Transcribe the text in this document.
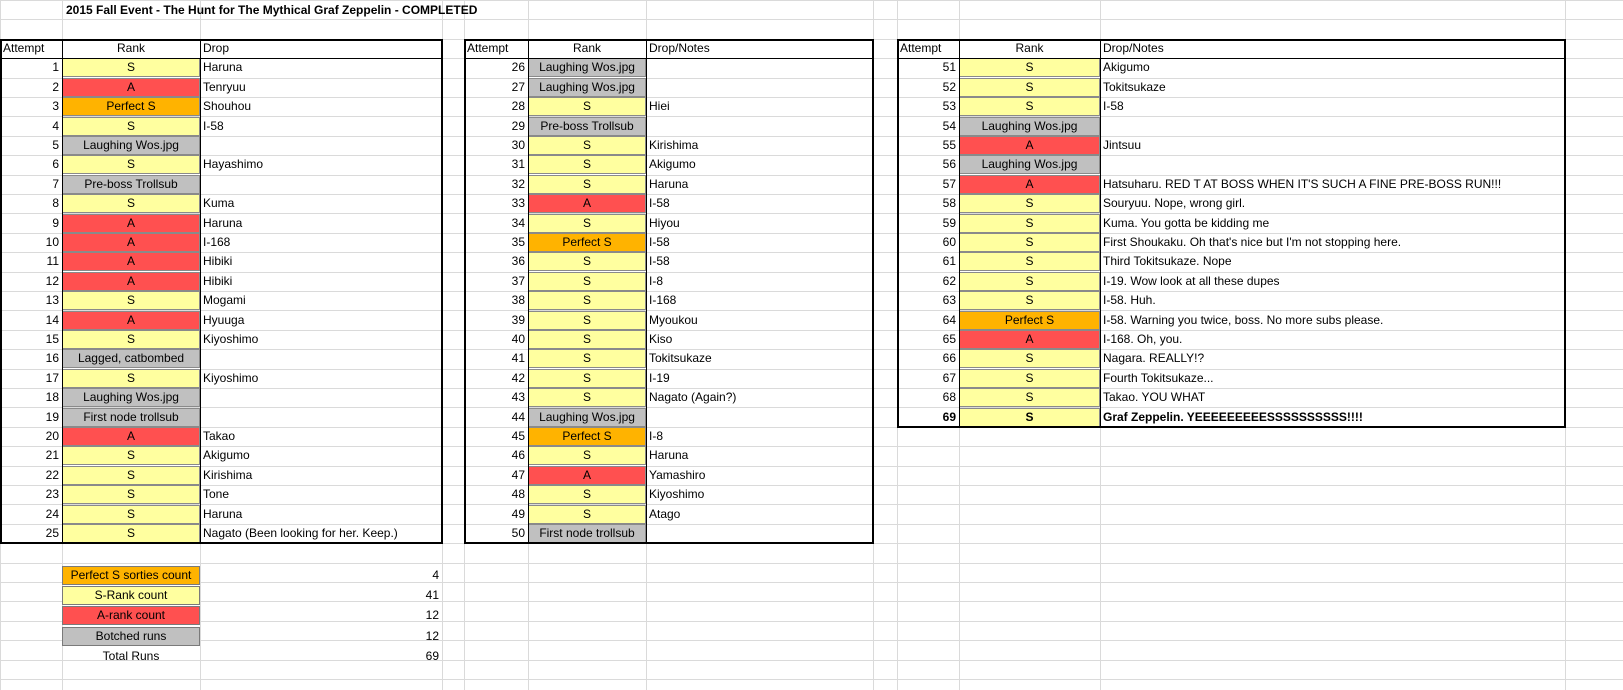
2015 Fall Event - The Hunt for The Mythical Graf Zeppelin - COMPLETED
Attempt	Rank	Drop
1	S	Haruna
2	A	Tenryuu
3	Perfect S	Shouhou
4	S	I-58
5	Laughing Wos.jpg
6	S	Hayashimo
7	Pre-boss Trollsub
8	S	Kuma
9	A	Haruna
10	A	I-168
11	A	Hibiki
12	A	Hibiki
13	S	Mogami
14	A	Hyuuga
15	S	Kiyoshimo
16	Lagged, catbombed
17	S	Kiyoshimo
18	Laughing Wos.jpg
19	First node trollsub
20	A	Takao
21	S	Akigumo
22	S	Kirishima
23	S	Tone
24	S	Haruna
25	S	Nagato (Been looking for her. Keep.)
Attempt	Rank	Drop/Notes
26	Laughing Wos.jpg
27	Laughing Wos.jpg
28	S	Hiei
29	Pre-boss Trollsub
30	S	Kirishima
31	S	Akigumo
32	S	Haruna
33	A	I-58
34	S	Hiyou
35	Perfect S	I-58
36	S	I-58
37	S	I-8
38	S	I-168
39	S	Myoukou
40	S	Kiso
41	S	Tokitsukaze
42	S	I-19
43	S	Nagato (Again?)
44	Laughing Wos.jpg
45	Perfect S	I-8
46	S	Haruna
47	A	Yamashiro
48	S	Kiyoshimo
49	S	Atago
50	First node trollsub
Attempt	Rank	Drop/Notes
51	S	Akigumo
52	S	Tokitsukaze
53	S	I-58
54	Laughing Wos.jpg
55	A	Jintsuu
56	Laughing Wos.jpg
57	A	Hatsuharu. RED T AT BOSS WHEN IT'S SUCH A FINE PRE-BOSS RUN!!!
58	S	Souryuu. Nope, wrong girl.
59	S	Kuma. You gotta be kidding me
60	S	First Shoukaku. Oh that's nice but I'm not stopping here.
61	S	Third Tokitsukaze. Nope
62	S	I-19. Wow look at all these dupes
63	S	I-58. Huh.
64	Perfect S	I-58. Warning you twice, boss. No more subs please.
65	A	I-168. Oh, you.
66	S	Nagara. REALLY!?
67	S	Fourth Tokitsukaze...
68	S	Takao. YOU WHAT
69	S	Graf Zeppelin. YEEEEEEEEESSSSSSSSSS!!!!
Perfect S sorties count	4
S-Rank count	41
A-rank count	12
Botched runs	12
Total Runs	69
